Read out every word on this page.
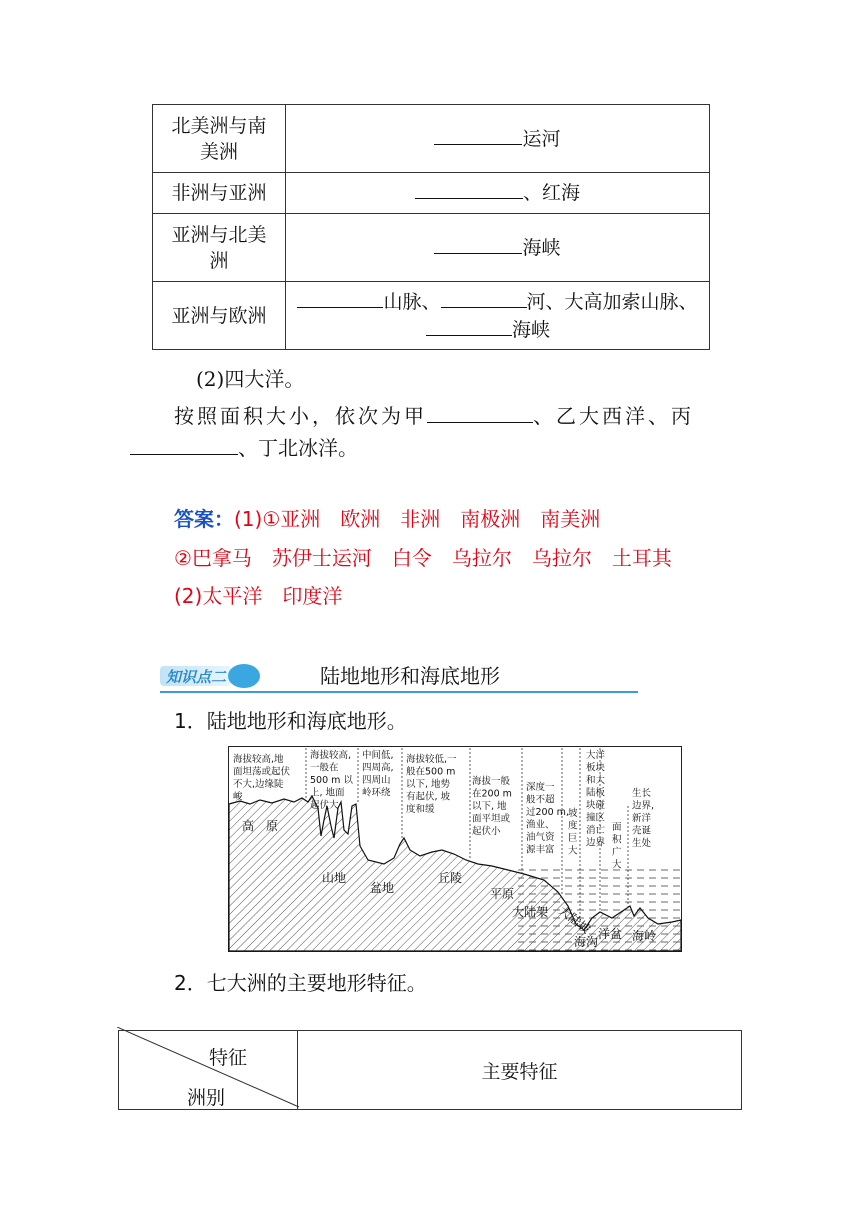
北美洲与南美洲	运河
非洲与亚洲	、红海
亚洲与北美洲	海峡
亚洲与欧洲	山脉、 河、大高加索山脉、
海峡
(2)四大洋。
按照面积大小，依次为甲	、乙大西洋、丙
、丁北冰洋。
答案：(1)①亚洲　欧洲　非洲　南极洲　南美洲
②巴拿马　苏伊士运河　白令　乌拉尔　乌拉尔　土耳其
(2)太平洋　印度洋
知识点二	陆地地形和海底地形
1．陆地地形和海底地形。
海拔较高,地面坦荡或起伏不大,边缘陡峻
海拔较高,一般在 500 m 以上, 地面起伏大
中间低,四周高,四周山岭环绕
海拔较低,一般在500 m 以下, 地势有起伏, 坡度和缓
海拔一般在200 m 以下, 地面平坦或起伏小
深度一般不超过200 m,渔业、油气资源丰富
坡度巨大
大洋板块和大陆板块碰撞区消亡边界
面积广大
生长边界,新洋壳诞生处
高　原
山地
盆地
丘陵
平原
大陆架 大陆坡
海沟
洋盆 海岭
2．七大洲的主要地形特征。
特征
洲别
	主要特征
